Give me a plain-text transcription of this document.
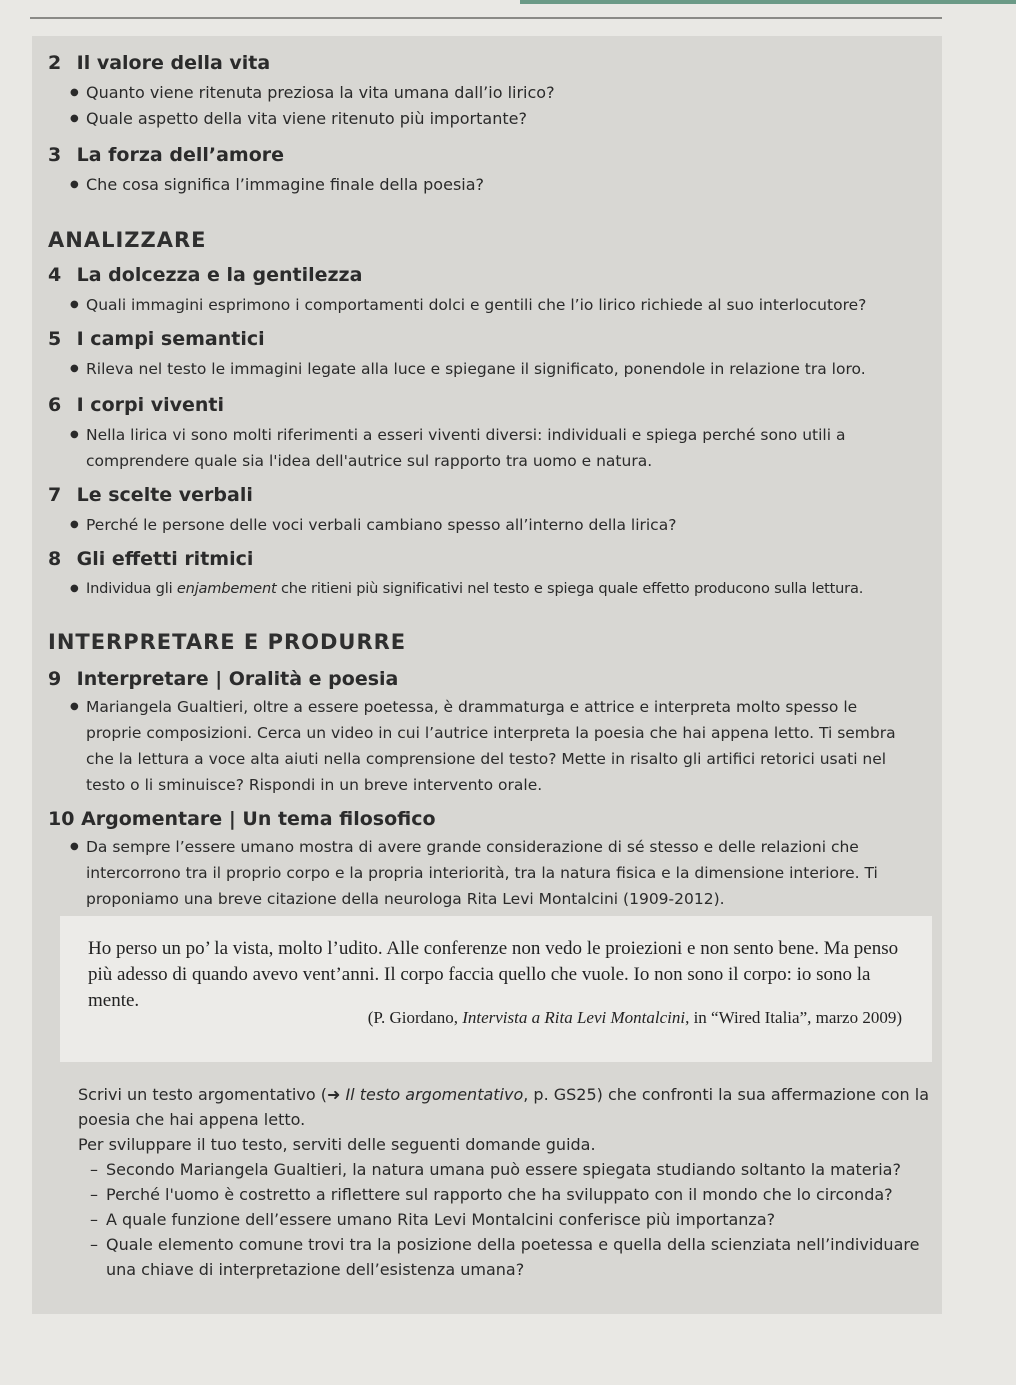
2 Il valore della vita
● Quanto viene ritenuta preziosa la vita umana dall’io lirico?
● Quale aspetto della vita viene ritenuto più importante?
3 La forza dell’amore
● Che cosa significa l’immagine finale della poesia?
ANALIZZARE
4 La dolcezza e la gentilezza
● Quali immagini esprimono i comportamenti dolci e gentili che l’io lirico richiede al suo interlocutore?
5 I campi semantici
● Rileva nel testo le immagini legate alla luce e spiegane il significato, ponendole in relazione tra loro.
6 I corpi viventi
● Nella lirica vi sono molti riferimenti a esseri viventi diversi: individuali e spiega perché sono utili a comprendere quale sia l'idea dell'autrice sul rapporto tra uomo e natura.
7 Le scelte verbali
● Perché le persone delle voci verbali cambiano spesso all’interno della lirica?
8 Gli effetti ritmici
● Individua gli enjambement che ritieni più significativi nel testo e spiega quale effetto producono sulla lettura.
INTERPRETARE E PRODURRE
9 Interpretare | Oralità e poesia
● Mariangela Gualtieri, oltre a essere poetessa, è drammaturga e attrice e interpreta molto spesso le proprie composizioni. Cerca un video in cui l’autrice interpreta la poesia che hai appena letto. Ti sembra che la lettura a voce alta aiuti nella comprensione del testo? Mette in risalto gli artifici retorici usati nel testo o li sminuisce? Rispondi in un breve intervento orale.
10 Argomentare | Un tema filosofico
● Da sempre l’essere umano mostra di avere grande considerazione di sé stesso e delle relazioni che intercorrono tra il proprio corpo e la propria interiorità, tra la natura fisica e la dimensione interiore. Ti proponiamo una breve citazione della neurologa Rita Levi Montalcini (1909-2012).
Ho perso un po’ la vista, molto l’udito. Alle conferenze non vedo le proiezioni e non sento bene. Ma penso più adesso di quando avevo vent’anni. Il corpo faccia quello che vuole. Io non sono il corpo: io sono la mente.
(P. Giordano, Intervista a Rita Levi Montalcini, in “Wired Italia”, marzo 2009)
Scrivi un testo argomentativo (➜ Il testo argomentativo, p. GS25) che confronti la sua affermazione con la poesia che hai appena letto.
Per sviluppare il tuo testo, serviti delle seguenti domande guida.
– Secondo Mariangela Gualtieri, la natura umana può essere spiegata studiando soltanto la materia?
– Perché l'uomo è costretto a riflettere sul rapporto che ha sviluppato con il mondo che lo circonda?
– A quale funzione dell’essere umano Rita Levi Montalcini conferisce più importanza?
– Quale elemento comune trovi tra la posizione della poetessa e quella della scienziata nell’individuare una chiave di interpretazione dell’esistenza umana?
